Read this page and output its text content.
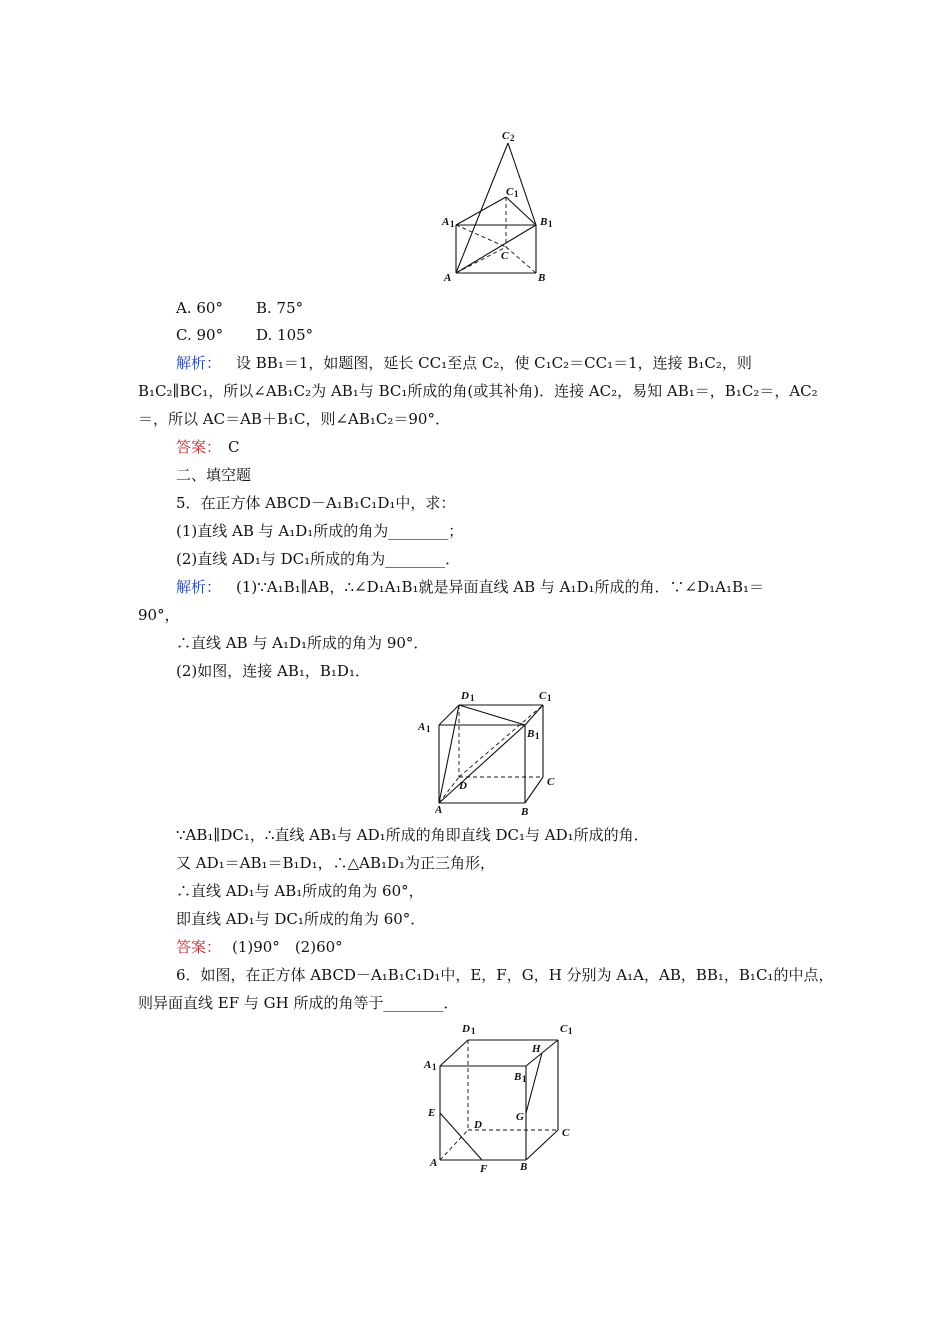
C 2
C 1
A 1	B 1
C
A	B
A. 60° B. 75°
C. 90° D. 105°
解析： 设 BB₁＝1，如题图，延长 CC₁至点 C₂，使 C₁C₂＝CC₁＝1，连接 B₁C₂，则
B₁C₂∥BC₁，所以∠AB₁C₂为 AB₁与 BC₁所成的角(或其补角)．连接 AC₂，易知 AB₁＝，B₁C₂＝，AC₂
＝，所以 AC＝AB＋B₁C，则∠AB₁C₂＝90°．
答案： C
二、填空题
5．在正方体 ABCD－A₁B₁C₁D₁中，求：
(1)直线 AB 与 A₁D₁所成的角为________；
(2)直线 AD₁与 DC₁所成的角为________．
解析： (1)∵A₁B₁∥AB，∴∠D₁A₁B₁就是异面直线 AB 与 A₁D₁所成的角．∵∠D₁A₁B₁＝
90°，
∴直线 AB 与 A₁D₁所成的角为 90°．
(2)如图，连接 AB₁，B₁D₁．
D 1	C 1
B 1
D	C
A	B
A 1
∵AB₁∥DC₁，∴直线 AB₁与 AD₁所成的角即直线 DC₁与 AD₁所成的角．
又 AD₁＝AB₁＝B₁D₁，∴△AB₁D₁为正三角形，
∴直线 AD₁与 AB₁所成的角为 60°，
即直线 AD₁与 DC₁所成的角为 60°．
答案： (1)90°　(2)60°
6．如图，在正方体 ABCD－A₁B₁C₁D₁中，E，F，G，H 分别为 A₁A，AB，BB₁，B₁C₁的中点，
则异面直线 EF 与 GH 所成的角等于________．
D 1	C 1
H
A 1
B 1
E	G
D
C
A	F	B
